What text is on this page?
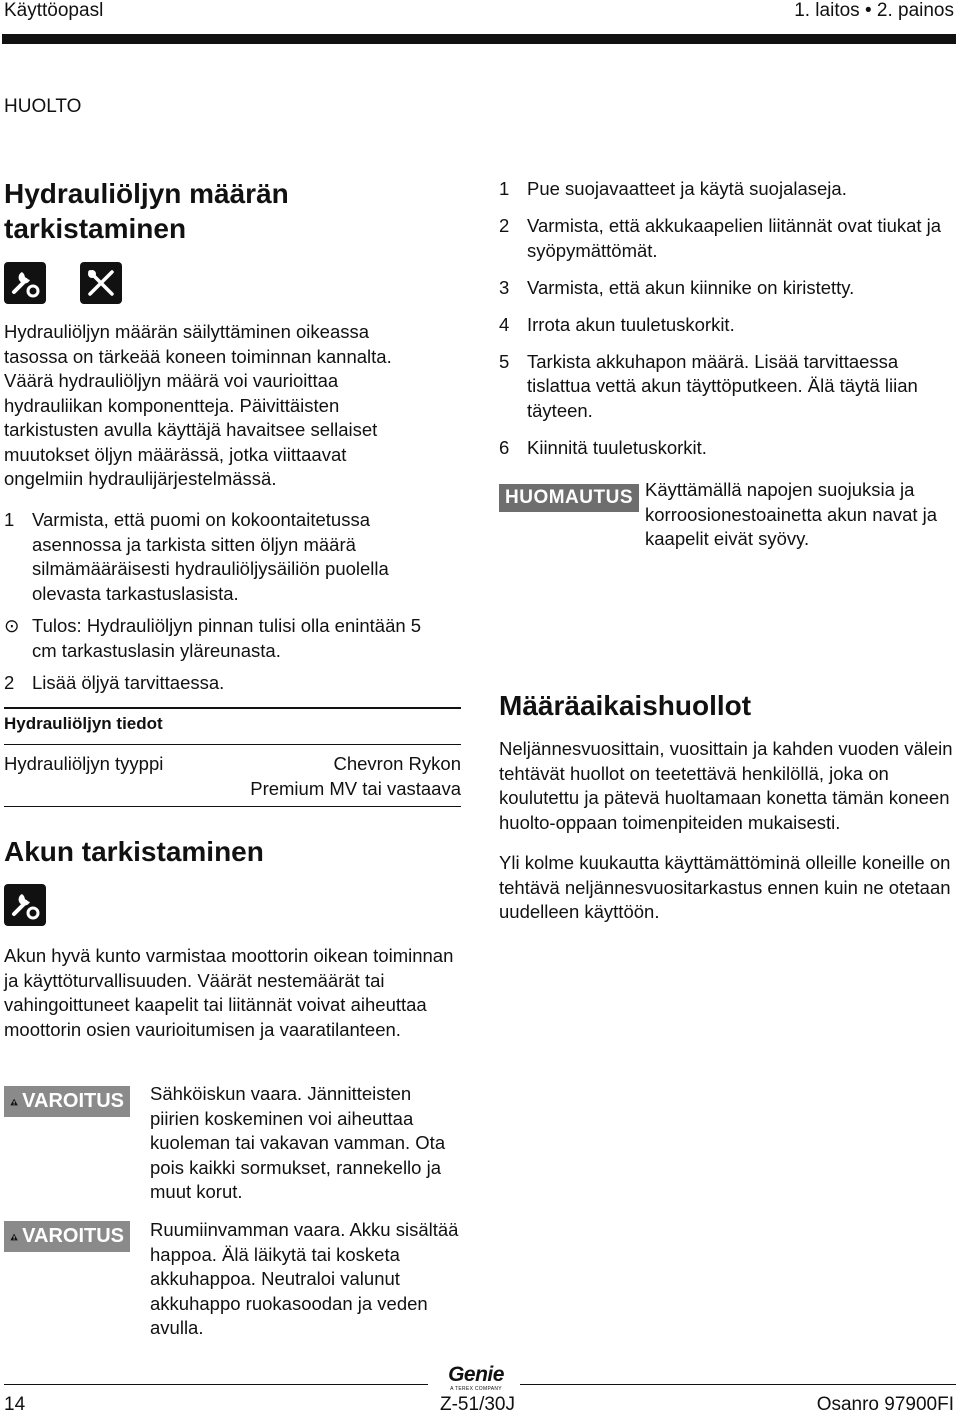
Käyttöopasl	1. laitos • 2. painos
HUOLTO
Hydrauliöljyn määrän tarkistaminen
Hydrauliöljyn määrän säilyttäminen oikeassa tasossa on tärkeää koneen toiminnan kannalta. Väärä hydrauliöljyn määrä voi vaurioittaa hydrauliikan komponentteja. Päivittäisten tarkistusten avulla käyttäjä havaitsee sellaiset muutokset öljyn määrässä, jotka viittaavat ongelmiin hydraulijärjestelmässä.
1 Varmista, että puomi on kokoontaitetussa asennossa ja tarkista sitten öljyn määrä silmämääräisesti hydrauliöljysäiliön puolella olevasta tarkastuslasista.
⊙ Tulos: Hydrauliöljyn pinnan tulisi olla enintään 5 cm tarkastuslasin yläreunasta.
2 Lisää öljyä tarvittaessa.
Hydrauliöljyn tiedot
Hydrauliöljyn tyyppi	Chevron Rykon
Premium MV tai vastaava
Akun tarkistaminen
Akun hyvä kunto varmistaa moottorin oikean toiminnan ja käyttöturvallisuuden. Väärät nestemäärät tai vahingoittuneet kaapelit tai liitännät voivat aiheuttaa moottorin osien vaurioitumisen ja vaaratilanteen.
VAROITUS Sähköiskun vaara. Jännitteisten piirien koskeminen voi aiheuttaa kuoleman tai vakavan vamman. Ota pois kaikki sormukset, rannekello ja muut korut.
VAROITUS Ruumiinvamman vaara. Akku sisältää happoa. Älä läikytä tai kosketa akkuhappoa. Neutraloi valunut akkuhappo ruokasoodan ja veden avulla.
1 Pue suojavaatteet ja käytä suojalaseja.
2 Varmista, että akkukaapelien liitännät ovat tiukat ja syöpymättömät.
3 Varmista, että akun kiinnike on kiristetty.
4 Irrota akun tuuletuskorkit.
5 Tarkista akkuhapon määrä. Lisää tarvittaessa tislattua vettä akun täyttöputkeen. Älä täytä liian täyteen.
6 Kiinnitä tuuletuskorkit.
HUOMAUTUS Käyttämällä napojen suojuksia ja korroosionestoainetta akun navat ja kaapelit eivät syövy.
Määräaikaishuollot
Neljännesvuosittain, vuosittain ja kahden vuoden välein tehtävät huollot on teetettävä henkilöllä, joka on koulutettu ja pätevä huoltamaan konetta tämän koneen huolto-oppaan toimenpiteiden mukaisesti.
Yli kolme kuukautta käyttämättöminä olleille koneille on tehtävä neljännesvuositarkastus ennen kuin ne otetaan uudelleen käyttöön.
Genie
A TEREX COMPANY
14	Z-51/30J	Osanro 97900FI
